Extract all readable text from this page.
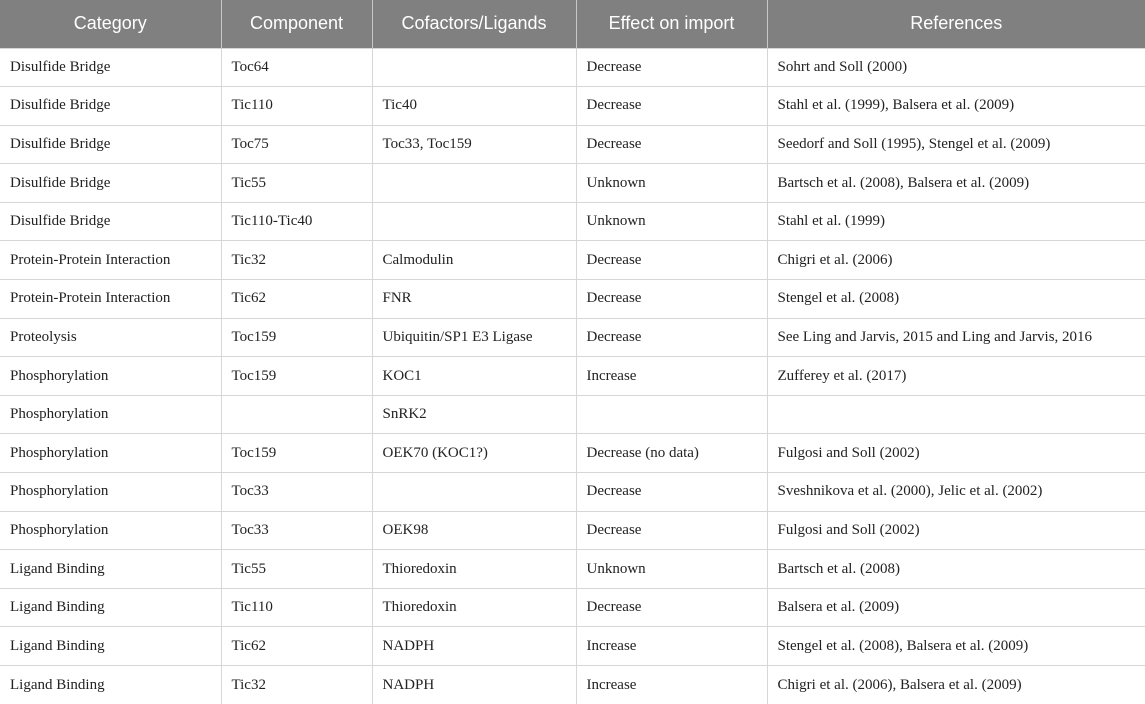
Category	Component	Cofactors/Ligands	Effect on import	References
Disulfide Bridge	Toc64		Decrease	Sohrt and Soll (2000)
Disulfide Bridge	Tic110	Tic40	Decrease	Stahl et al. (1999), Balsera et al. (2009)
Disulfide Bridge	Toc75	Toc33, Toc159	Decrease	Seedorf and Soll (1995), Stengel et al. (2009)
Disulfide Bridge	Tic55		Unknown	Bartsch et al. (2008), Balsera et al. (2009)
Disulfide Bridge	Tic110-Tic40		Unknown	Stahl et al. (1999)
Protein-Protein Interaction	Tic32	Calmodulin	Decrease	Chigri et al. (2006)
Protein-Protein Interaction	Tic62	FNR	Decrease	Stengel et al. (2008)
Proteolysis	Toc159	Ubiquitin/SP1 E3 Ligase	Decrease	See Ling and Jarvis, 2015 and Ling and Jarvis, 2016
Phosphorylation	Toc159	KOC1	Increase	Zufferey et al. (2017)
Phosphorylation		SnRK2		
Phosphorylation	Toc159	OEK70 (KOC1?)	Decrease (no data)	Fulgosi and Soll (2002)
Phosphorylation	Toc33		Decrease	Sveshnikova et al. (2000), Jelic et al. (2002)
Phosphorylation	Toc33	OEK98	Decrease	Fulgosi and Soll (2002)
Ligand Binding	Tic55	Thioredoxin	Unknown	Bartsch et al. (2008)
Ligand Binding	Tic110	Thioredoxin	Decrease	Balsera et al. (2009)
Ligand Binding	Tic62	NADPH	Increase	Stengel et al. (2008), Balsera et al. (2009)
Ligand Binding	Tic32	NADPH	Increase	Chigri et al. (2006), Balsera et al. (2009)
